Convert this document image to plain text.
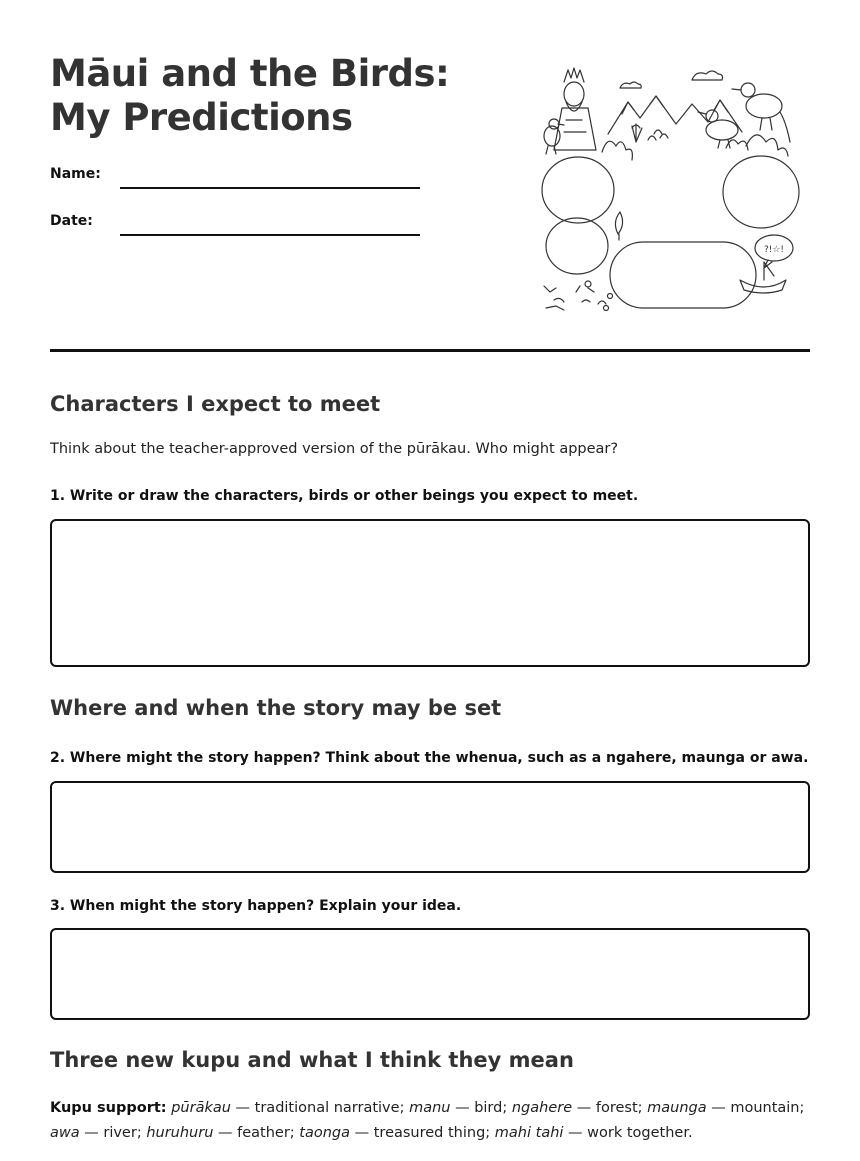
Māui and the Birds: My Predictions
Name:
Date:
?!☆!
Characters I expect to meet

Think about the teacher-approved version of the pūrākau. Who might appear?

1. Write or draw the characters, birds or other beings you expect to meet.

Where and when the story may be set

2. Where might the story happen? Think about the whenua, such as a ngahere, maunga or awa.

3. When might the story happen? Explain your idea.

Three new kupu and what I think they mean

Kupu support: pūrākau — traditional narrative; manu — bird; ngahere — forest; maunga — mountain; awa — river; huruhuru — feather; taonga — treasured thing; mahi tahi — work together.
